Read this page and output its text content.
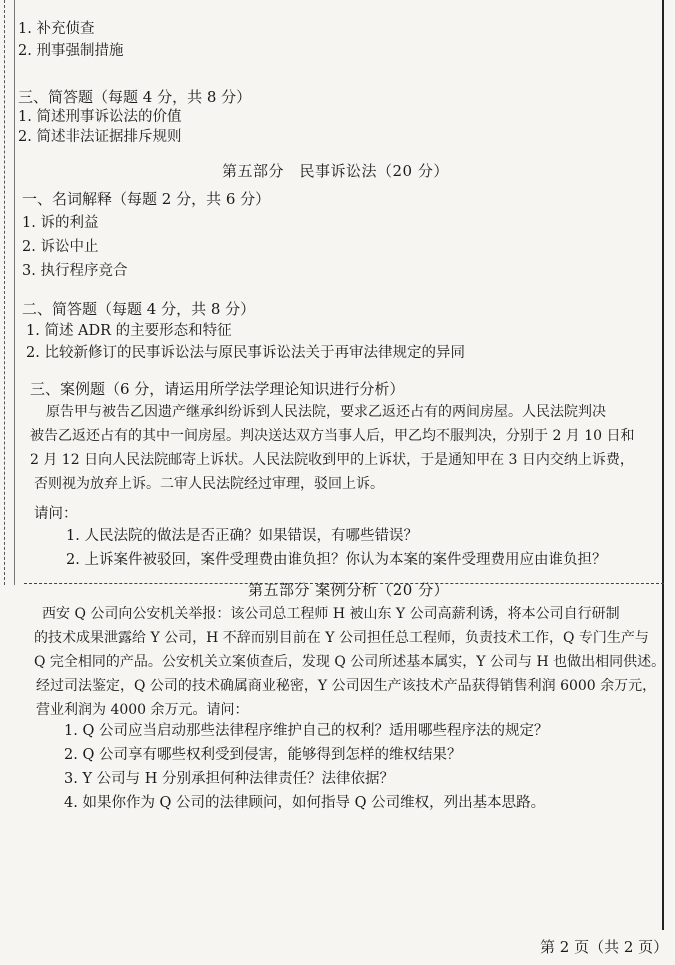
1. 补充侦查
2. 刑事强制措施
三、简答题（每题 4 分，共 8 分）
1. 简述刑事诉讼法的价值
2. 简述非法证据排斥规则
第五部分　民事诉讼法（20 分）
一、名词解释（每题 2 分，共 6 分）
1. 诉的利益
2. 诉讼中止
3. 执行程序竞合
二、简答题（每题 4 分，共 8 分）
1. 简述 ADR 的主要形态和特征
2. 比较新修订的民事诉讼法与原民事诉讼法关于再审法律规定的异同
三、案例题（6 分，请运用所学法学理论知识进行分析）
原告甲与被告乙因遗产继承纠纷诉到人民法院，要求乙返还占有的两间房屋。人民法院判决
被告乙返还占有的其中一间房屋。判决送达双方当事人后，甲乙均不服判决，分别于 2 月 10 日和
2 月 12 日向人民法院邮寄上诉状。人民法院收到甲的上诉状，于是通知甲在 3 日内交纳上诉费，
否则视为放弃上诉。二审人民法院经过审理，驳回上诉。
请问：
1. 人民法院的做法是否正确？如果错误，有哪些错误？
2. 上诉案件被驳回，案件受理费由谁负担？你认为本案的案件受理费用应由谁负担？
第五部分 案例分析（20 分）
西安 Q 公司向公安机关举报：该公司总工程师 H 被山东 Y 公司高薪利诱，将本公司自行研制
的技术成果泄露给 Y 公司，H 不辞而别目前在 Y 公司担任总工程师，负责技术工作，Q 专门生产与
Q 完全相同的产品。公安机关立案侦查后，发现 Q 公司所述基本属实，Y 公司与 H 也做出相同供述。
经过司法鉴定，Q 公司的技术确属商业秘密，Y 公司因生产该技术产品获得销售利润 6000 余万元，
营业利润为 4000 余万元。请问：
1. Q 公司应当启动那些法律程序维护自己的权利？适用哪些程序法的规定？
2. Q 公司享有哪些权利受到侵害，能够得到怎样的维权结果？
3. Y 公司与 H 分别承担何种法律责任？法律依据？
4. 如果你作为 Q 公司的法律顾问，如何指导 Q 公司维权，列出基本思路。
第 2 页（共 2 页）
